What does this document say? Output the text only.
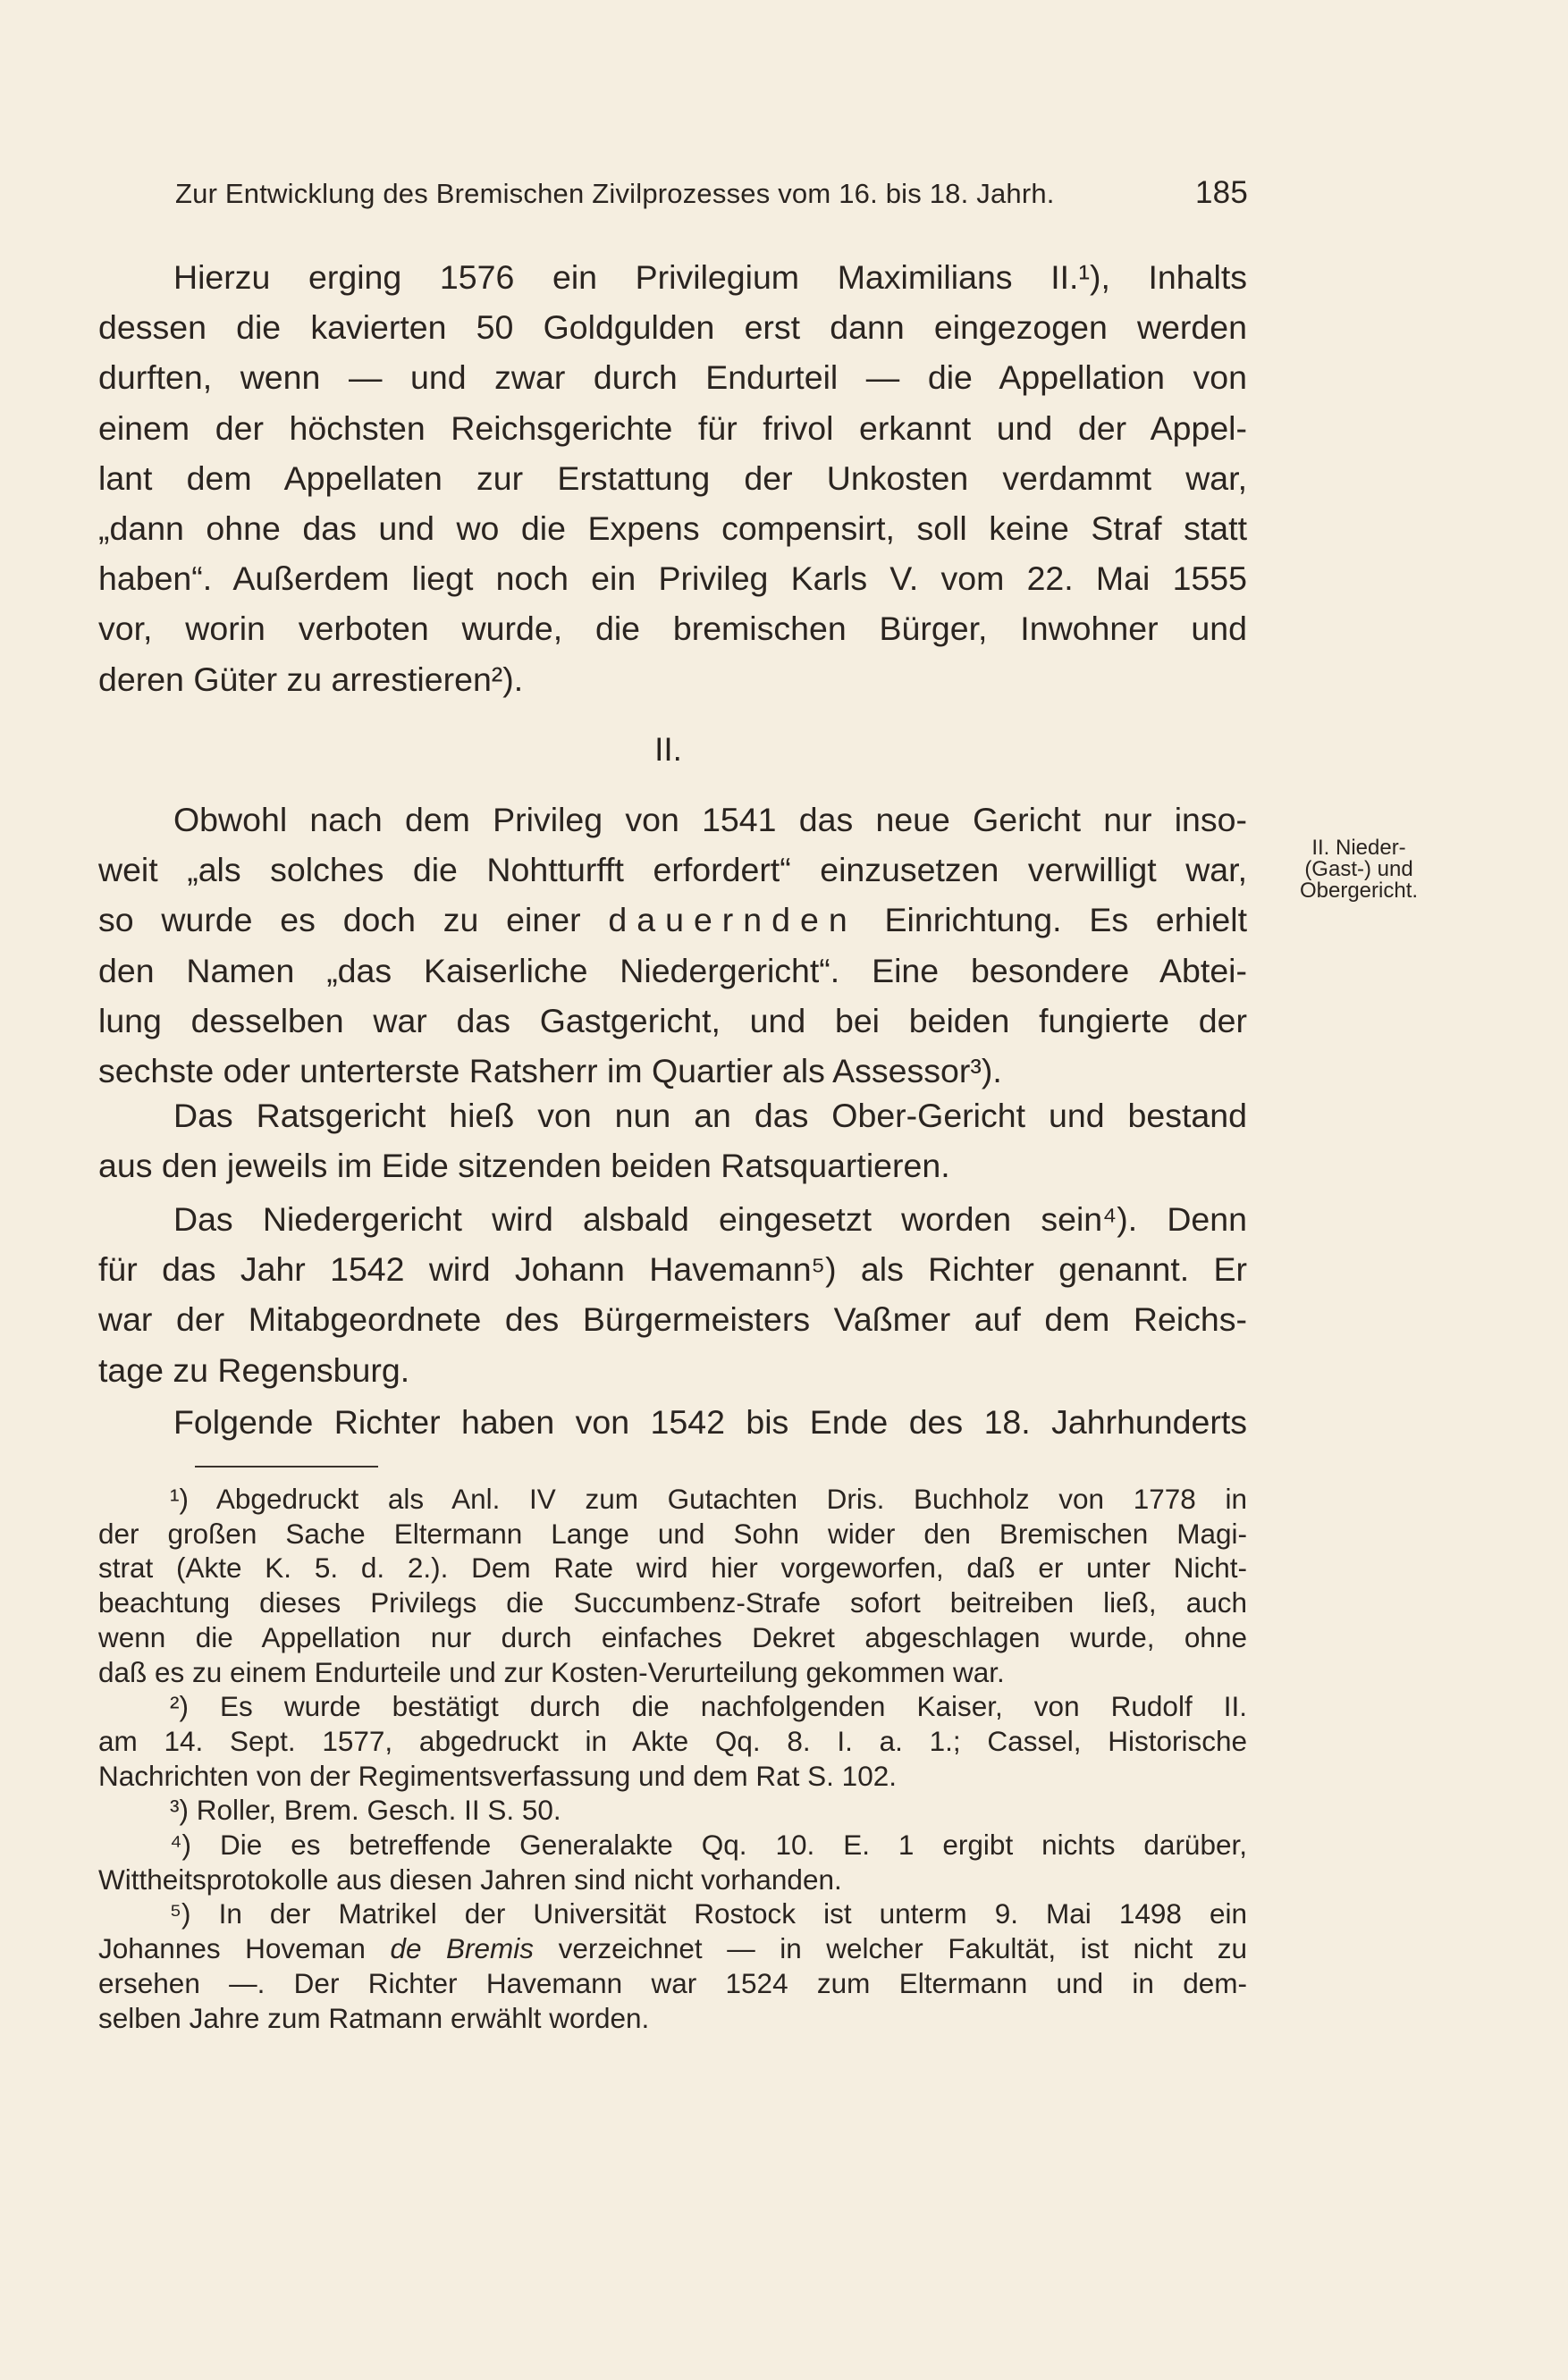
Zur Entwicklung des Bremischen Zivilprozesses vom 16. bis 18. Jahrh.	185
Hierzu erging 1576 ein Privilegium Maximilians II.¹), Inhalts
dessen die kavierten 50 Goldgulden erst dann eingezogen werden
durften, wenn — und zwar durch Endurteil — die Appellation von
einem der höchsten Reichsgerichte für frivol erkannt und der Appel-
lant dem Appellaten zur Erstattung der Unkosten verdammt war,
„dann ohne das und wo die Expens compensirt, soll keine Straf statt
haben“. Außerdem liegt noch ein Privileg Karls V. vom 22. Mai 1555
vor, worin verboten wurde, die bremischen Bürger, Inwohner und
deren Güter zu arrestieren²).
II.
II. Nieder-
(Gast-) und
Obergericht.
Obwohl nach dem Privileg von 1541 das neue Gericht nur inso-
weit „als solches die Nohtturfft erfordert“ einzusetzen verwilligt war,
so wurde es doch zu einer dauernden Einrichtung. Es erhielt
den Namen „das Kaiserliche Niedergericht“. Eine besondere Abtei-
lung desselben war das Gastgericht, und bei beiden fungierte der
sechste oder unterterste Ratsherr im Quartier als Assessor³).
Das Ratsgericht hieß von nun an das Ober-Gericht und bestand
aus den jeweils im Eide sitzenden beiden Ratsquartieren.
Das Niedergericht wird alsbald eingesetzt worden sein⁴). Denn
für das Jahr 1542 wird Johann Havemann⁵) als Richter genannt. Er
war der Mitabgeordnete des Bürgermeisters Vaßmer auf dem Reichs-
tage zu Regensburg.
Folgende Richter haben von 1542 bis Ende des 18. Jahrhunderts
¹) Abgedruckt als Anl. IV zum Gutachten Dris. Buchholz von 1778 in
der großen Sache Eltermann Lange und Sohn wider den Bremischen Magi-
strat (Akte K. 5. d. 2.). Dem Rate wird hier vorgeworfen, daß er unter Nicht-
beachtung dieses Privilegs die Succumbenz-Strafe sofort beitreiben ließ, auch
wenn die Appellation nur durch einfaches Dekret abgeschlagen wurde, ohne
daß es zu einem Endurteile und zur Kosten-Verurteilung gekommen war.
²) Es wurde bestätigt durch die nachfolgenden Kaiser, von Rudolf II.
am 14. Sept. 1577, abgedruckt in Akte Qq. 8. I. a. 1.; Cassel, Historische
Nachrichten von der Regimentsverfassung und dem Rat S. 102.
³) Roller, Brem. Gesch. II S. 50.
⁴) Die es betreffende Generalakte Qq. 10. E. 1 ergibt nichts darüber,
Wittheitsprotokolle aus diesen Jahren sind nicht vorhanden.
⁵) In der Matrikel der Universität Rostock ist unterm 9. Mai 1498 ein
Johannes Hoveman de Bremis verzeichnet — in welcher Fakultät, ist nicht zu
ersehen —. Der Richter Havemann war 1524 zum Eltermann und in dem-
selben Jahre zum Ratmann erwählt worden.
